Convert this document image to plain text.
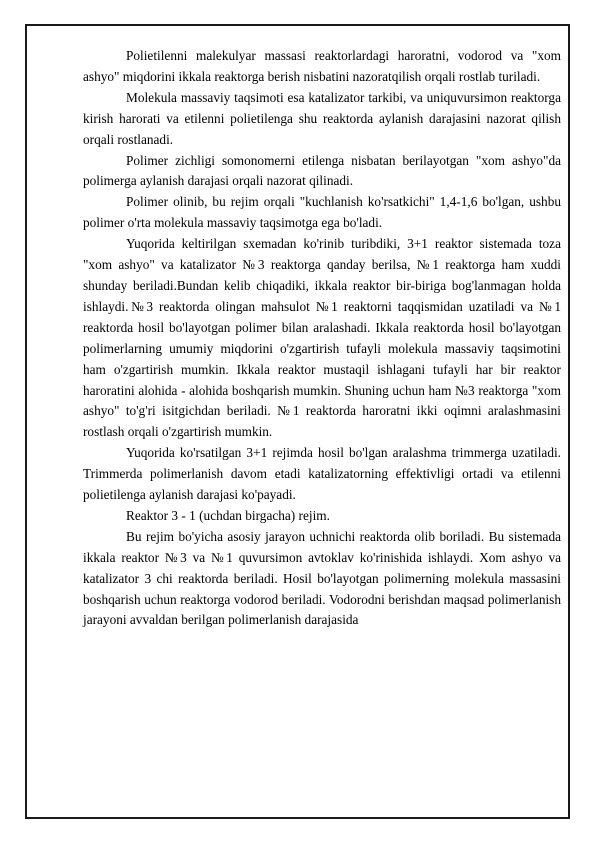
Polietilenni malekulyar massasi reaktorlardagi haroratni, vodorod va "xom ashyo" miqdorini ikkala reaktorga berish nisbatini nazoratqilish orqali rostlab turiladi.

Molekula massaviy taqsimoti esa katalizator tarkibi, va uniquvursimon reaktorga kirish harorati va etilenni polietilenga shu reaktorda aylanish darajasini nazorat qilish orqali rostlanadi.

Polimer zichligi somonomerni etilenga nisbatan berilayotgan "xom ashyo"da polimerga aylanish darajasi orqali nazorat qilinadi.

Polimer olinib, bu rejim orqali "kuchlanish ko'rsatkichi" 1,4-1,6 bo'lgan, ushbu polimer o'rta molekula massaviy taqsimotga ega bo'ladi.

Yuqorida keltirilgan sxemadan ko'rinib turibdiki, 3+1 reaktor sistemada toza "xom ashyo" va katalizator №3 reaktorga qanday berilsa, №1 reaktorga ham xuddi shunday beriladi.Bundan kelib chiqadiki, ikkala reaktor bir-biriga bog'lanmagan holda ishlaydi.№3 reaktorda olingan mahsulot №1 reaktorni taqqismidan uzatiladi va №1 reaktorda hosil bo'layotgan polimer bilan aralashadi. Ikkala reaktorda hosil bo'layotgan polimerlarning umumiy miqdorini o'zgartirish tufayli molekula massaviy taqsimotini ham o'zgartirish mumkin. Ikkala reaktor mustaqil ishlagani tufayli har bir reaktor haroratini alohida - alohida boshqarish mumkin. Shuning uchun ham №3 reaktorga "xom ashyo" to'g'ri isitgichdan beriladi. №1 reaktorda haroratni ikki oqimni aralashmasini rostlash orqali o'zgartirish mumkin.

Yuqorida ko'rsatilgan 3+1 rejimda hosil bo'lgan aralashma trimmerga uzatiladi. Trimmerda polimerlanish davom etadi katalizatorning effektivligi ortadi va etilenni polietilenga aylanish darajasi ko'payadi.

Reaktor 3 - 1 (uchdan birgacha) rejim.

Bu rejim bo'yicha asosiy jarayon uchnichi reaktorda olib boriladi. Bu sistemada ikkala reaktor №3 va №1 quvursimon avtoklav ko'rinishida ishlaydi. Xom ashyo va katalizator 3 chi reaktorda beriladi. Hosil bo'layotgan polimerning molekula massasini boshqarish uchun reaktorga vodorod beriladi. Vodorodni berishdan maqsad polimerlanish jarayoni avvaldan berilgan polimerlanish darajasida
